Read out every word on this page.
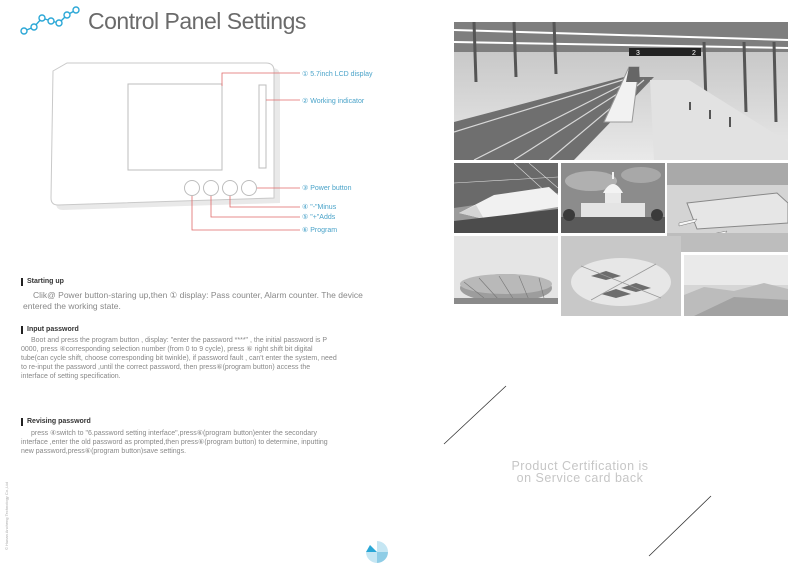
Control Panel Settings
① 5.7inch LCD display
② Working indicator
③ Power button
④ "-"Minus
⑤ "+"Adds
⑥ Program
Starting up
Clik@ Power button-staring up,then ① display: Pass counter, Alarm counter. The device
entered the working state.
Input password
Boot and press the program button , display: "enter the password ****" , the initial password is P
0000, press ④corresponding selection number (from 0 to 9 cycle), press ⑥ right shift bit digital
tube(can cycle shift, choose corresponding bit twinkle), if password fault , can't enter the system, need
to re-input the password ,until the correct password, then press⑥(program button) access the
interface of setting specification.
Revising password
press ④switch to "6.password setting interface",press⑥(program button)enter the secondary
interface ,enter the old password as prompted,then press⑥(program button) to determine, inputting
new password,press⑥(program button)save settings.
© Hunan Ancheng Technology Co.,Ltd
3	2
Product Certification is
on Service card back
